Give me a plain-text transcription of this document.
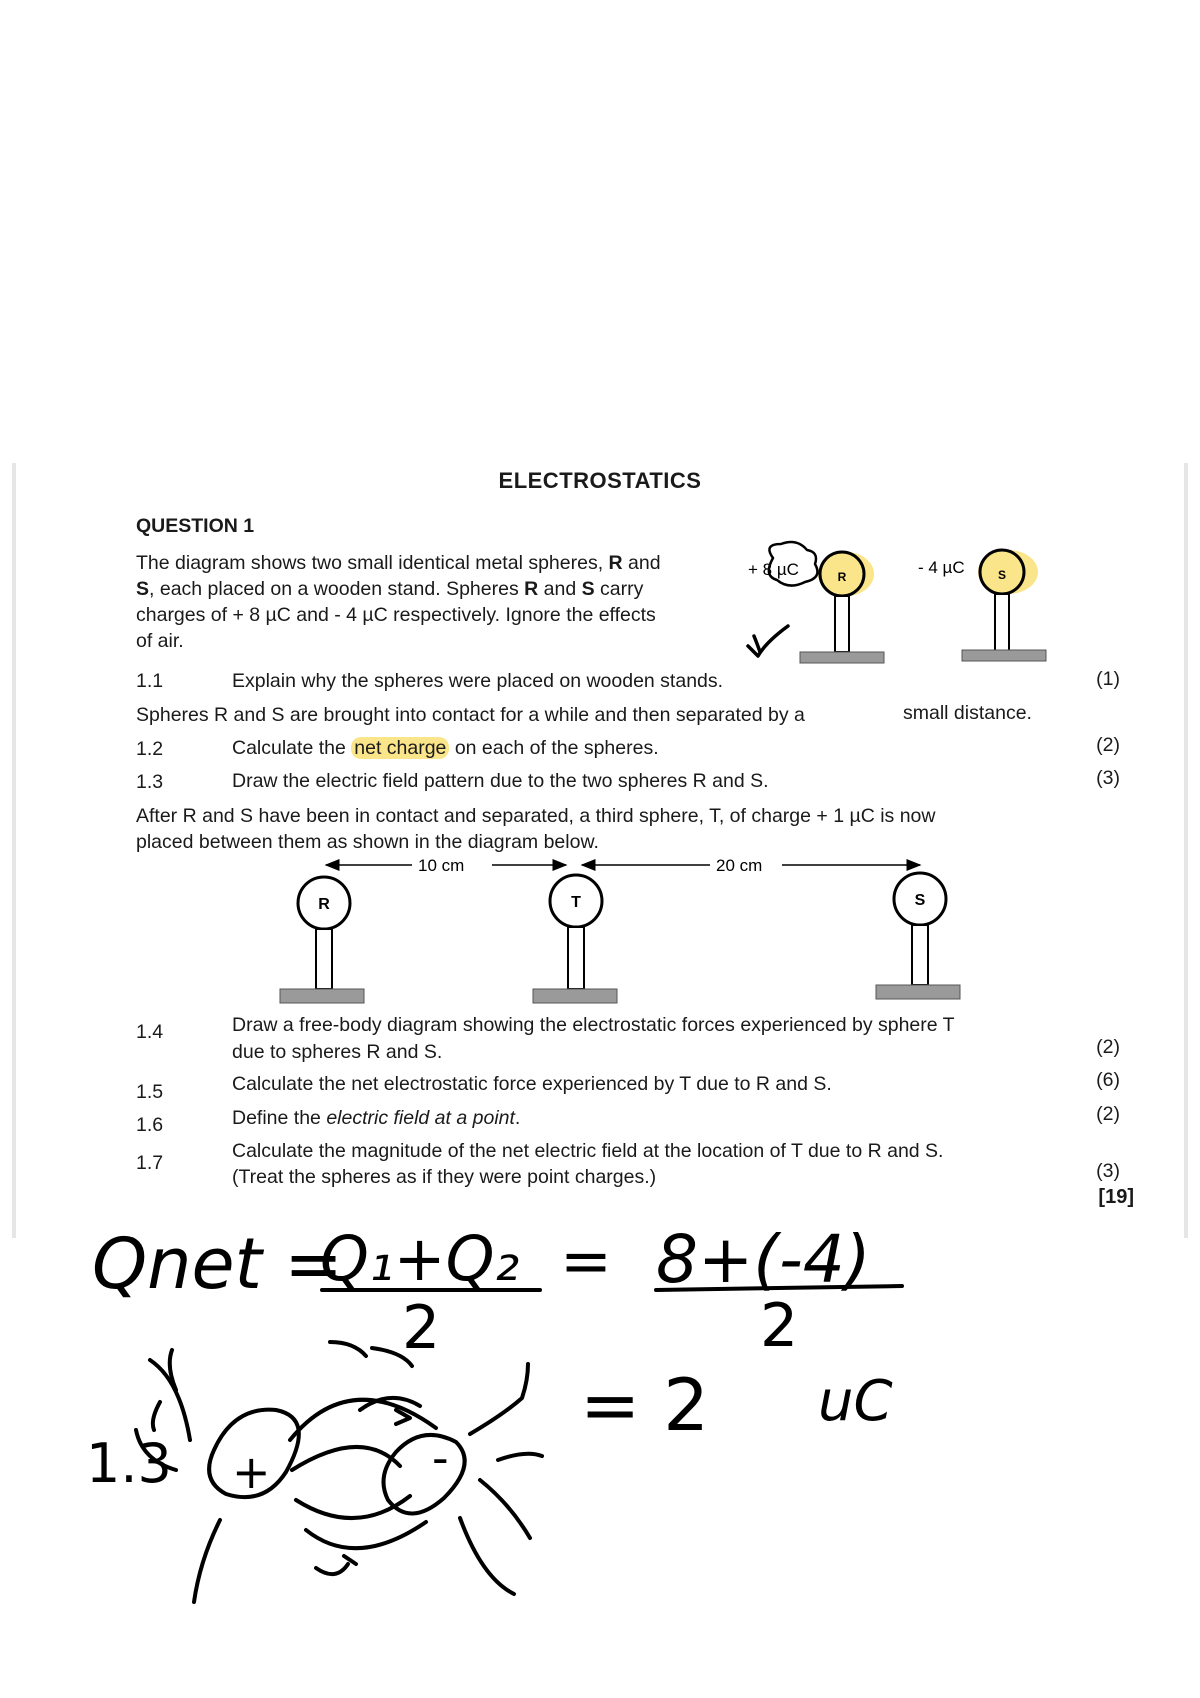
ELECTROSTATICS
QUESTION 1
The diagram shows two small identical metal spheres, R and
S, each placed on a wooden stand. Spheres R and S carry
charges of + 8 µC and - 4 µC respectively. Ignore the effects
of air.
+ 8 µC	- 4 µC
R	S
1.1	Explain why the spheres were placed on wooden stands.	(1)
Spheres R and S are brought into contact for a while and then separated by a	small distance.
1.2	Calculate the net charge on each of the spheres.	(2)
1.3	Draw the electric field pattern due to the two spheres R and S.	(3)
After R and S have been in contact and separated, a third sphere, T, of charge + 1 µC is now
placed between them as shown in the diagram below.
10 cm	20 cm
R	T	S
1.4	Draw a free-body diagram showing the electrostatic forces experienced by sphere T
due to spheres R and S.	(2)
1.5	Calculate the net electrostatic force experienced by T due to R and S.	(6)
1.6	Define the electric field at a point.	(2)
1.7
Calculate the magnitude of the net electric field at the location of T due to R and S.
(Treat the spheres as if they were point charges.)	(3)
[19]
Qnet =
Q₁+Q₂ = 8+(-4)
2	2
= 2 uC
1.3 +	-
